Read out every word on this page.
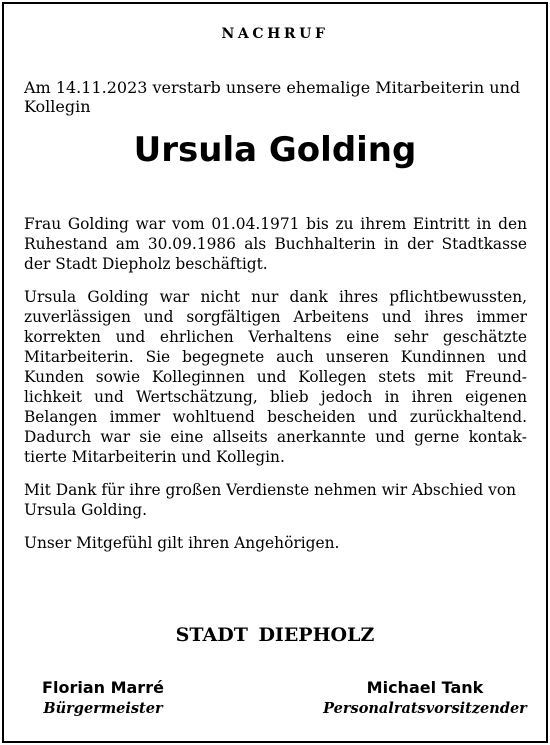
NACHRUF
Am 14.11.2023 verstarb unsere ehemalige Mitarbeiterin und Kollegin
Ursula Golding

Frau Golding war vom 01.04.1971 bis zu ihrem Eintritt in den Ruhestand am 30.09.1986 als Buchhalterin in der Stadtkasse der Stadt Diepholz beschäftigt.

Ursula Golding war nicht nur dank ihres pflichtbewussten, zuverlässigen und sorgfältigen Arbeitens und ihres immer korrekten und ehrlichen Verhaltens eine sehr geschätzte Mitarbeiterin. Sie begegnete auch unseren Kundinnen und Kunden sowie Kolleginnen und Kollegen stets mit Freundlichkeit und Wertschätzung, blieb jedoch in ihren eigenen Belangen immer wohltuend bescheiden und zurückhaltend. Dadurch war sie eine allseits anerkannte und gerne kontaktierte Mitarbeiterin und Kollegin.

Mit Dank für ihre großen Verdienste nehmen wir Abschied von Ursula Golding.

Unser Mitgefühl gilt ihren Angehörigen.

STADT DIEPHOLZ
Florian Marré
Bürgermeister
Michael Tank
Personalratsvorsitzender
